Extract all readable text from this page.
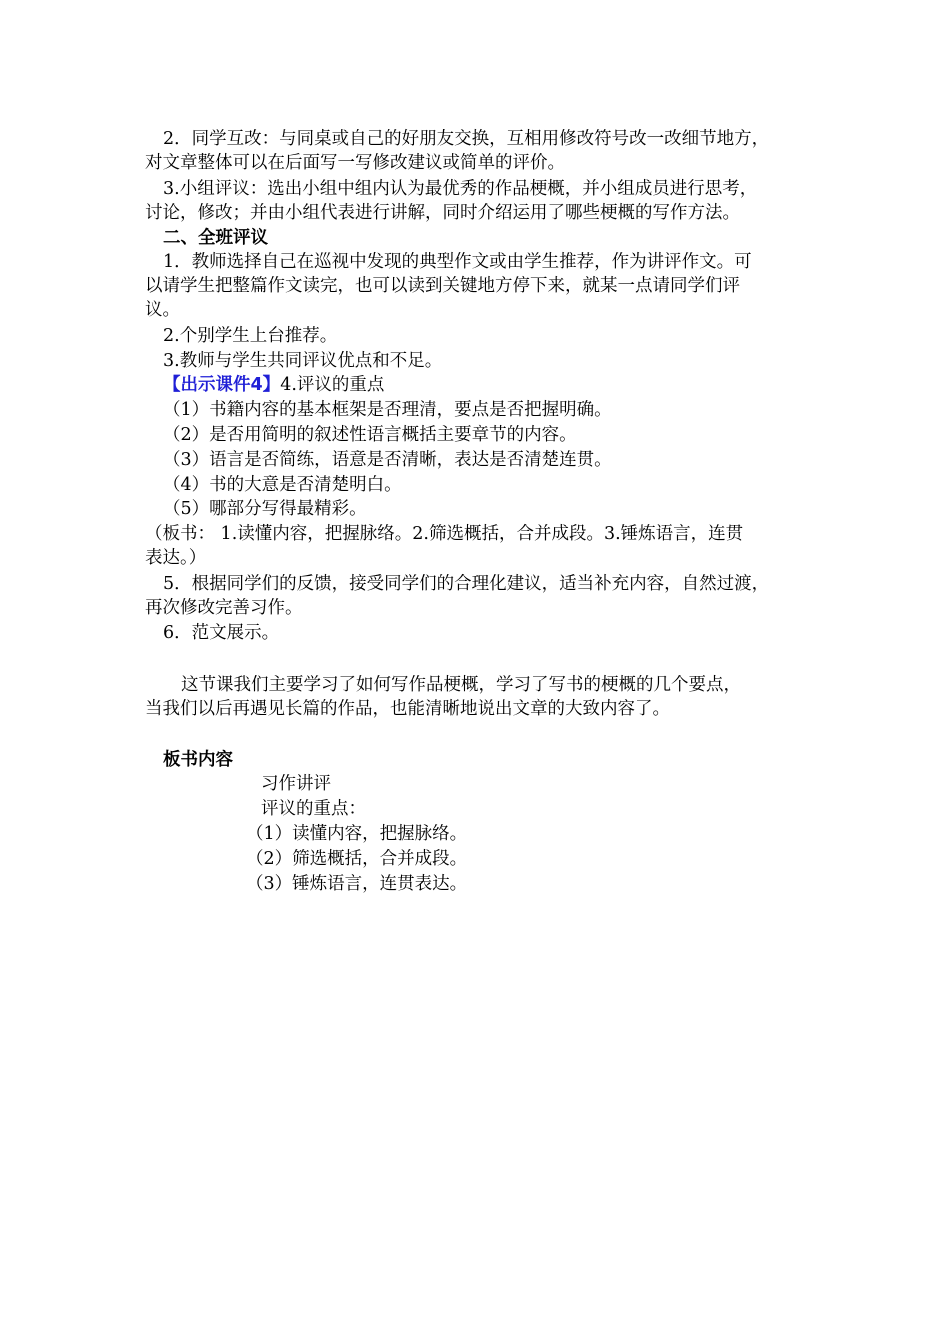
2．同学互改：与同桌或自己的好朋友交换，互相用修改符号改一改细节地方，
对文章整体可以在后面写一写修改建议或简单的评价。
3.小组评议：选出小组中组内认为最优秀的作品梗概，并小组成员进行思考，
讨论，修改；并由小组代表进行讲解，同时介绍运用了哪些梗概的写作方法。
二、全班评议
1．教师选择自己在巡视中发现的典型作文或由学生推荐，作为讲评作文。可
以请学生把整篇作文读完，也可以读到关键地方停下来，就某一点请同学们评
议。
2.个别学生上台推荐。
3.教师与学生共同评议优点和不足。
【出示课件4】4.评议的重点
（1）书籍内容的基本框架是否理清，要点是否把握明确。
（2）是否用简明的叙述性语言概括主要章节的内容。
（3）语言是否简练，语意是否清晰，表达是否清楚连贯。
（4）书的大意是否清楚明白。
（5）哪部分写得最精彩。
（板书： 1.读懂内容，把握脉络。2.筛选概括，合并成段。3.锤炼语言，连贯
表达。）
5．根据同学们的反馈，接受同学们的合理化建议，适当补充内容，自然过渡，
再次修改完善习作。
6．范文展示。
这节课我们主要学习了如何写作品梗概，学习了写书的梗概的几个要点，
当我们以后再遇见长篇的作品，也能清晰地说出文章的大致内容了。
板书内容
习作讲评
评议的重点：
（1）读懂内容，把握脉络。
（2）筛选概括，合并成段。
（3）锤炼语言，连贯表达。
